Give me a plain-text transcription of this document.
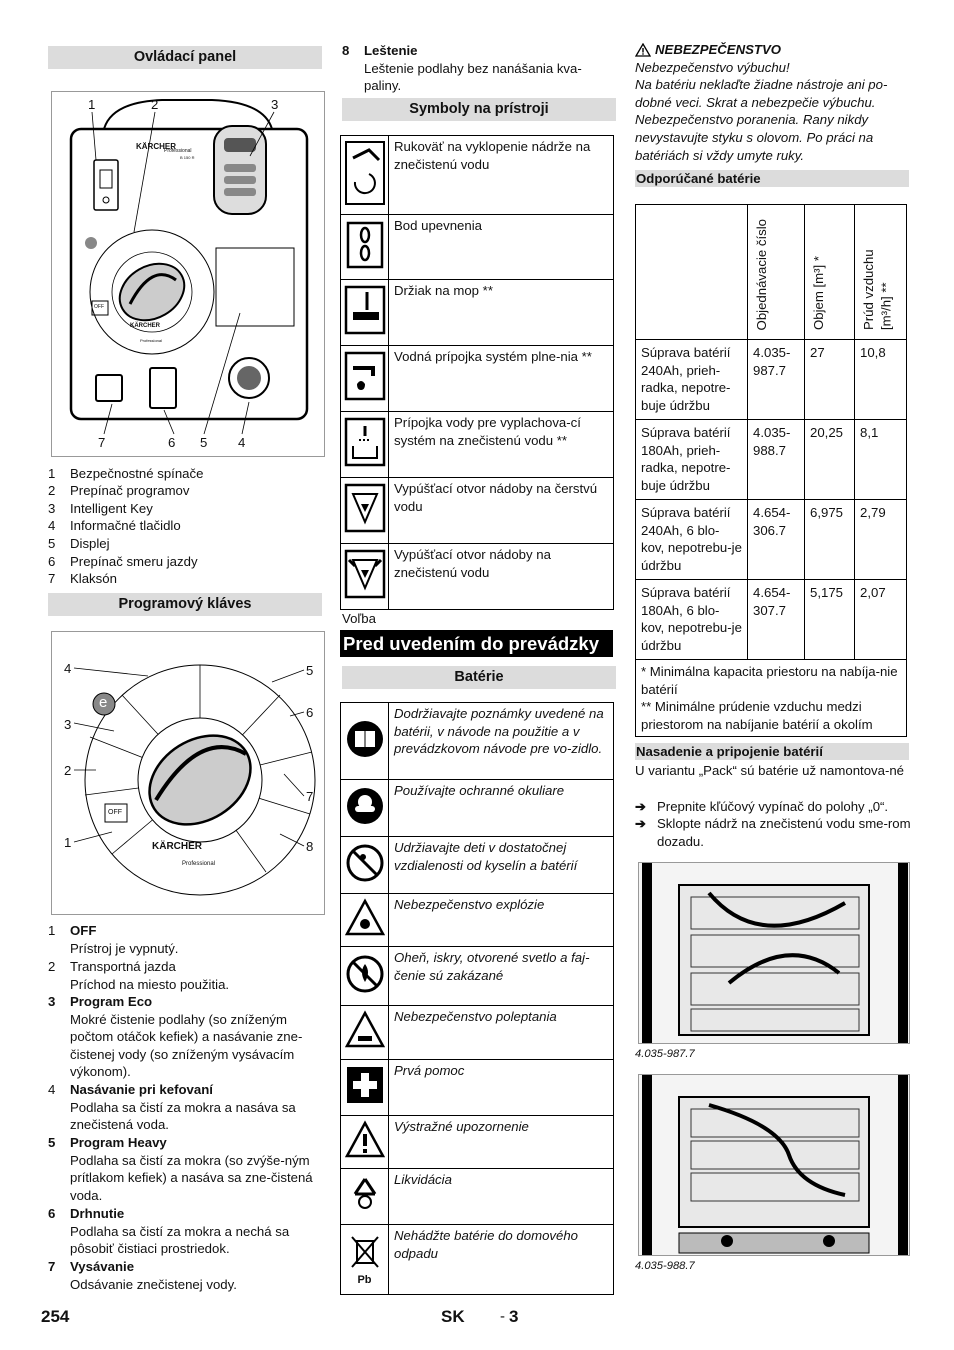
Ovládací panel
1	2	3
7	6 5 4
KÄRCHER
Professional
B 150 R
OFF
KÄRCHER
Professional
1	Bezpečnostné spínače
2	Prepínač programov
3	Intelligent Key
4	Informačné tlačidlo
5	Displej
6	Prepínač smeru jazdy
7	Klaksón
Programový kláves
4
3
2
1
5
6
7
8
e
OFF
KÄRCHER
Professional
1	OFF
Prístroj je vypnutý.
2	Transportná jazda
Príchod na miesto použitia.
3	Program Eco
Mokré čistenie podlahy (so zníženým počtom otáčok kefiek) a nasávanie zne-čistenej vody (so zníženým vysávacím výkonom).
4	Nasávanie pri kefovaní
Podlaha sa čistí za mokra a nasáva sa znečistená voda.
5	Program Heavy
Podlaha sa čistí za mokra (so zvýše-ným prítlakom kefiek) a nasáva sa zne-čistená voda.
6	Drhnutie
Podlaha sa čistí za mokra a nechá sa pôsobiť čistiaci prostriedok.
7	Vysávanie
Odsávanie znečistenej vody.
8	Leštenie
Leštenie podlahy bez nanášania kva-paliny.
Symboly na prístroji
	Rukoväť na vyklopenie nádrže na znečistenú vodu
	Bod upevnenia
	Držiak na mop **
	Vodná prípojka systém plne-nia **
	Prípojka vody pre vyplachova-cí systém na znečistenú vodu **
	Vypúšťací otvor nádoby na čerstvú vodu
	Vypúšťací otvor nádoby na znečistenú vodu
Voľba
Pred uvedením do prevádzky
Batérie
	Dodržiavajte poznámky uvedené na batérii, v návode na použitie a v prevádzkovom návode pre vo-zidlo.
	Používajte ochranné okuliare
	Udržiavajte deti v dostatočnej vzdialenosti od kyselín a batérií
	Nebezpečenstvo explózie
	Oheň, iskry, otvorené svetlo a faj-čenie sú zakázané
	Nebezpečenstvo poleptania
	Prvá pomoc
	Výstražné upozornenie
	Likvidácia

Pb	Nehádžte batérie do domového odpadu
NEBEZPEČENSTVO
Nebezpečenstvo výbuchu!
Na batériu neklaďte žiadne nástroje ani po-
dobné veci. Skrat a nebezpečie výbuchu.
Nebezpečenstvo poranenia. Rany nikdy
nevystavujte styku s olovom. Po práci na
batériách si vždy umyte ruky.
Odporúčané batérie
	Objednávacie číslo	Objem [m³] *	Prúd vzduchu [m³/h] **
Súprava batérií 240Ah, prieh-radka, nepotre-buje údržbu	4.035-987.7	27	10,8
Súprava batérií 180Ah, prieh-radka, nepotre-buje údržbu	4.035-988.7	20,25	8,1
Súprava batérií 240Ah, 6 blo-kov, nepotrebu-je údržbu	4.654-306.7	6,975	2,79
Súprava batérií 180Ah, 6 blo-kov, nepotrebu-je údržbu	4.654-307.7	5,175	2,07

* Minimálna kapacita priestoru na nabíja-nie batérií
** Minimálne prúdenie vzduchu medzi priestorom na nabíjanie batérií a okolím			
Nasadenie a pripojenie batérií
U variantu „Pack“ sú batérie už namontova-né
➔ Prepnite kľúčový vypínač do polohy „0“.
➔ Sklopte nádrž na znečistenú vodu sme-rom dozadu.
4.035-987.7
4.035-988.7
254	SK - 3
